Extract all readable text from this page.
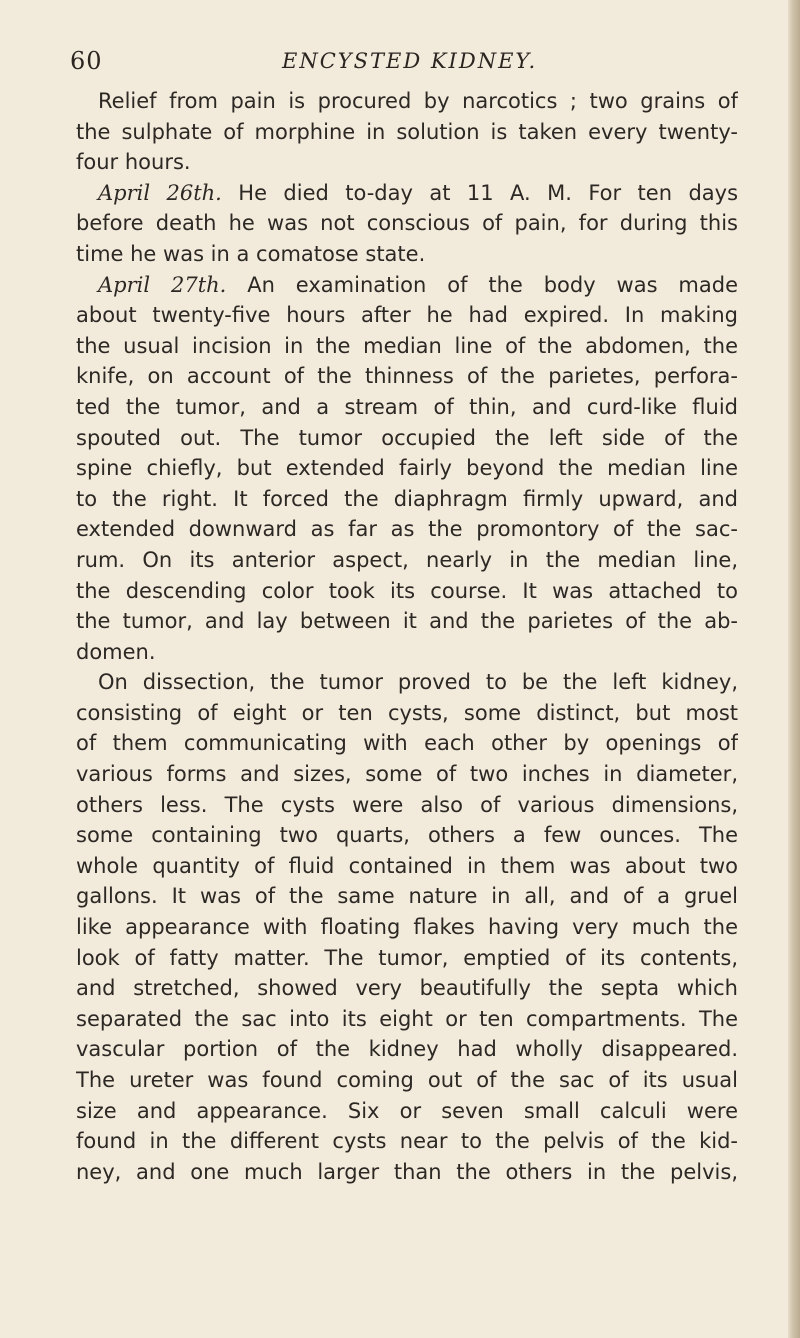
60	ENCYSTED KIDNEY.
Relief from pain is procured by narcotics ; two grains of
the sulphate of morphine in solution is taken every twenty-
four hours.
April 26th. He died to-day at 11 A. M. For ten days
before death he was not conscious of pain, for during this
time he was in a comatose state.
April 27th. An examination of the body was made
about twenty-five hours after he had expired. In making
the usual incision in the median line of the abdomen, the
knife, on account of the thinness of the parietes, perfora-
ted the tumor, and a stream of thin, and curd-like fluid
spouted out. The tumor occupied the left side of the
spine chiefly, but extended fairly beyond the median line
to the right. It forced the diaphragm firmly upward, and
extended downward as far as the promontory of the sac-
rum. On its anterior aspect, nearly in the median line,
the descending color took its course. It was attached to
the tumor, and lay between it and the parietes of the ab-
domen.
On dissection, the tumor proved to be the left kidney,
consisting of eight or ten cysts, some distinct, but most
of them communicating with each other by openings of
various forms and sizes, some of two inches in diameter,
others less. The cysts were also of various dimensions,
some containing two quarts, others a few ounces. The
whole quantity of fluid contained in them was about two
gallons. It was of the same nature in all, and of a gruel
like appearance with floating flakes having very much the
look of fatty matter. The tumor, emptied of its contents,
and stretched, showed very beautifully the septa which
separated the sac into its eight or ten compartments. The
vascular portion of the kidney had wholly disappeared.
The ureter was found coming out of the sac of its usual
size and appearance. Six or seven small calculi were
found in the different cysts near to the pelvis of the kid-
ney, and one much larger than the others in the pelvis,
